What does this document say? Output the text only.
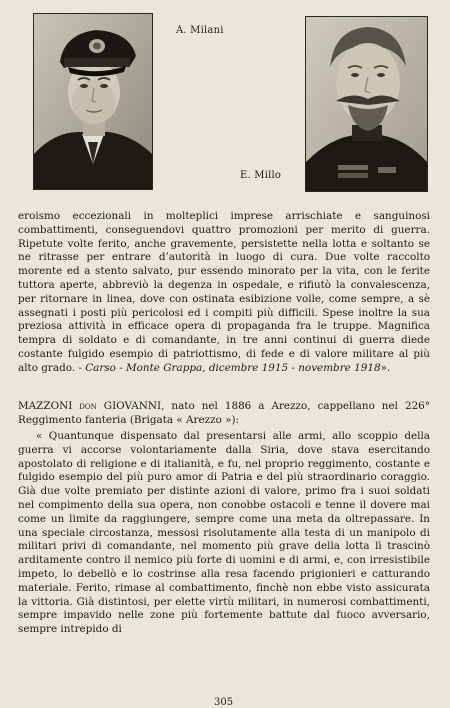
A. Milani
E. Millo

eroismo eccezionali in molteplici imprese arrischiate e sanguinosi combattimenti, conseguendovi quattro promozioni per merito di guerra. Ripetute volte ferito, anche gravemente, persistette nella lotta e soltanto se ne ritrasse per entrare d’autorità in luogo di cura. Due volte raccolto morente ed a stento salvato, pur essendo minorato per la vita, con le ferite tuttora aperte, abbreviò la degenza in ospedale, e rifiutò la convalescenza, per ritornare in linea, dove con ostinata esibizione volle, come sempre, a sè assegnati i posti più pericolosi ed i compiti più difficili. Spese inoltre la sua preziosa attività in efficace opera di propaganda fra le truppe. Magnifica tempra di soldato e di comandante, in tre anni continui di guerra diede costante fulgido esempio di patriottismo, di fede e di valore militare al più alto grado. - Carso - Monte Grappa, dicembre 1915 - novembre 1918».

MAZZONI don GIOVANNI, nato nel 1886 a Arezzo, cappellano nel 226° Reggimento fanteria (Brigata « Arezzo »):

« Quantunque dispensato dal presentarsi alle armi, allo scoppio della guerra vi accorse volontariamente dalla Siria, dove stava esercitando apostolato di religione e di italianità, e fu, nel proprio reggimento, costante e fulgido esempio del più puro amor di Patria e del più straordinario coraggio. Già due volte premiato per distinte azioni di valore, primo fra i suoi soldati nel compimento della sua opera, non conobbe ostacoli e tenne il dovere mai come un limite da raggiungere, sempre come una meta da oltrepassare. In una speciale circostanza, messosi risolutamente alla testa di un manipolo di militari privi di comandante, nel momento più grave della lotta lì trascinò arditamente contro il nemico più forte di uomini e di armi, e, con irresistibile impeto, lo debellò e lo costrinse alla resa facendo prigionieri e catturando materiale. Ferito, rimase al combattimento, finchè non ebbe visto assicurata la vittoria. Già distintosi, per elette virtù militari, in numerosi combattimenti, sempre impavido nelle zone più fortemente battute dal fuoco avversario, sempre intrepido di

305
